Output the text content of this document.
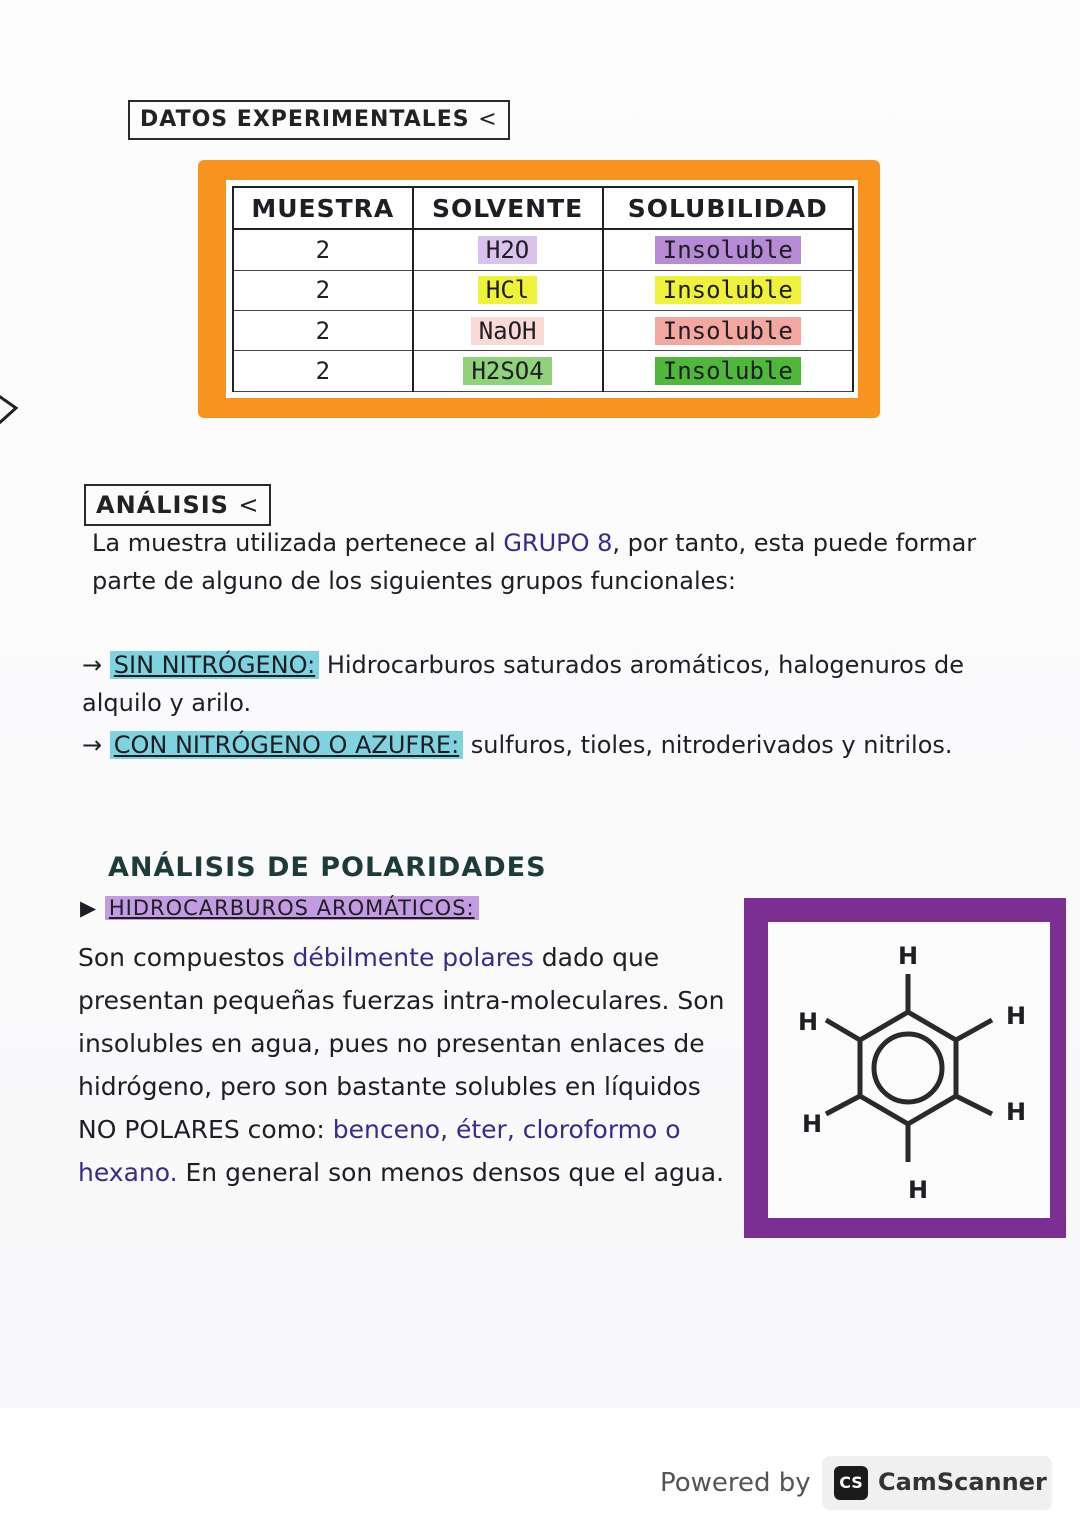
DATOS EXPERIMENTALES <
MUESTRA	SOLVENTE	SOLUBILIDAD
2	H2O	Insoluble
2	HCl	Insoluble
2	NaOH	Insoluble
2	H2SO4	Insoluble
ANÁLISIS <
La muestra utilizada pertenece al GRUPO 8, por tanto, esta puede formar parte de alguno de los siguientes grupos funcionales:
→ SIN NITRÓGENO: Hidrocarburos saturados aromáticos, halogenuros de alquilo y arilo.
→ CON NITRÓGENO O AZUFRE: sulfuros, tioles, nitroderivados y nitrilos.
ANÁLISIS DE POLARIDADES
▶ HIDROCARBUROS AROMÁTICOS:
Son compuestos débilmente polares dado que presentan pequeñas fuerzas intra-moleculares. Son insolubles en agua, pues no presentan enlaces de hidrógeno, pero son bastante solubles en líquidos NO POLARES como: benceno, éter, cloroformo o hexano. En general son menos densos que el agua.
H
H
H
H
H
H
Powered by	CS CamScanner
